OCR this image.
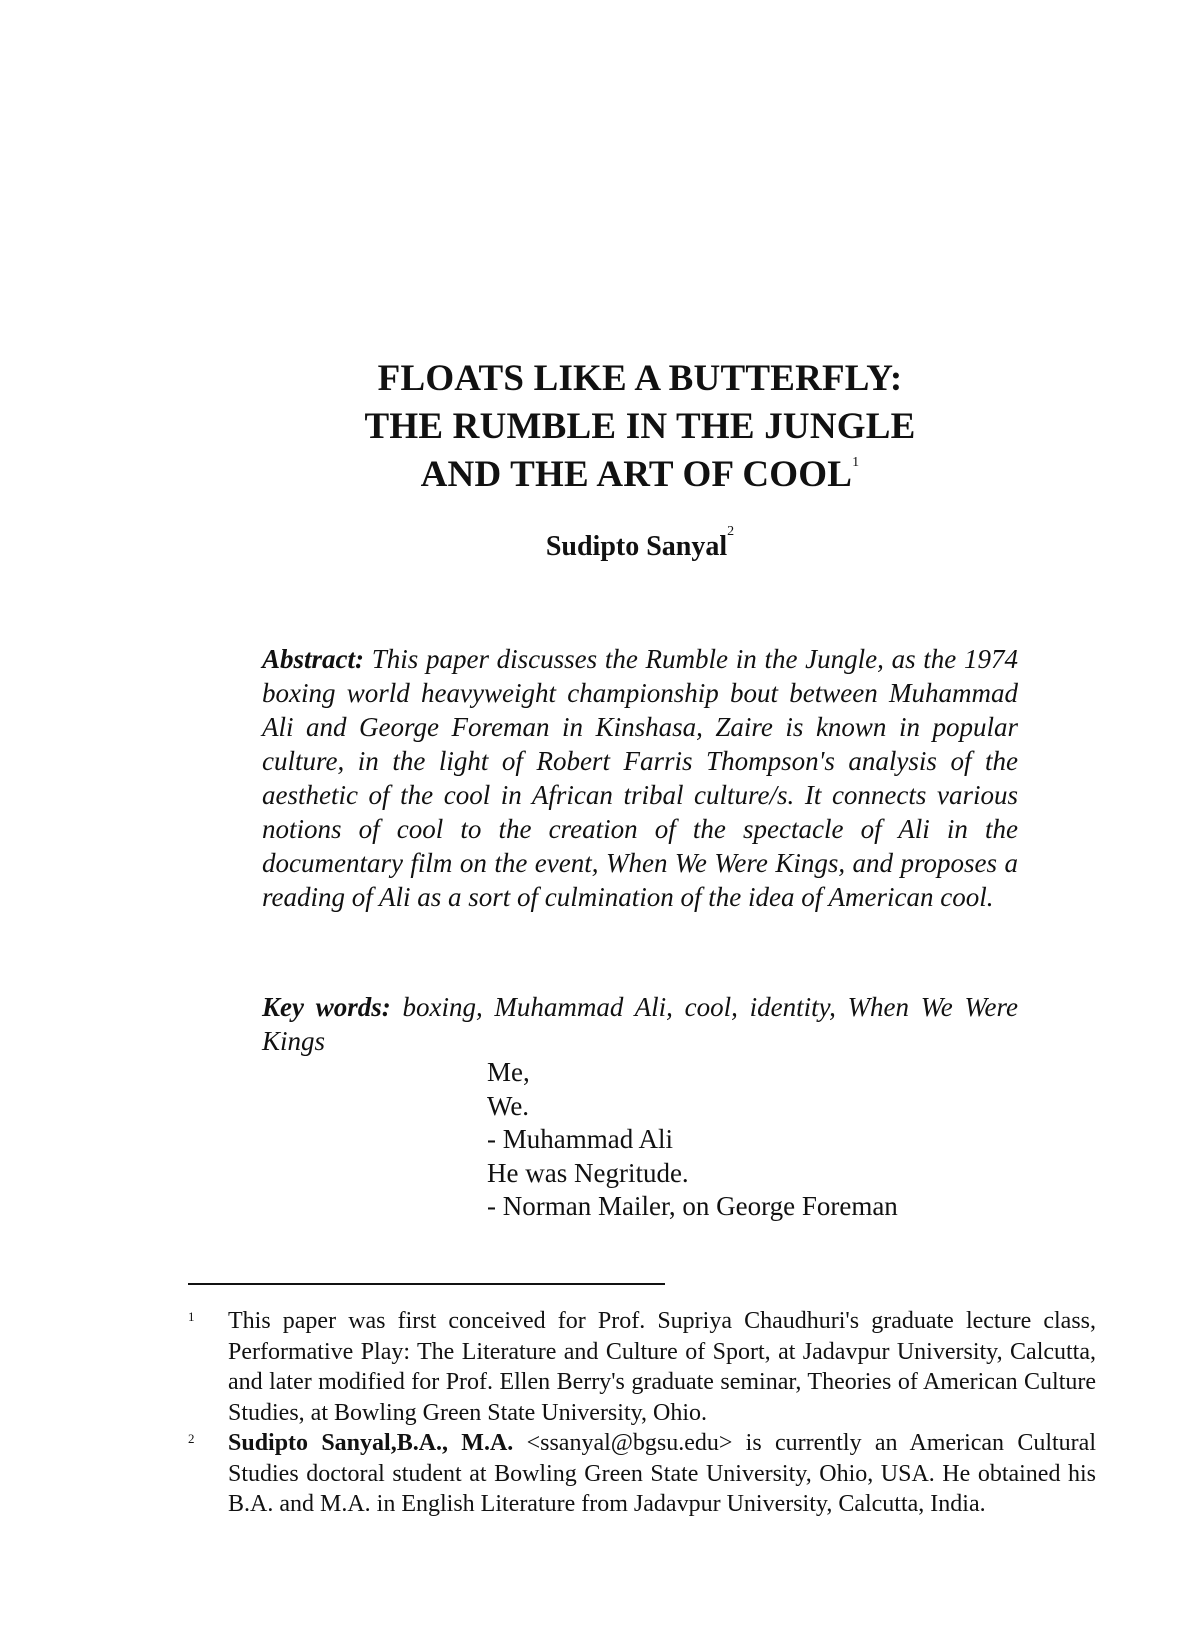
FLOATS LIKE A BUTTERFLY:
THE RUMBLE IN THE JUNGLE
AND THE ART OF COOL$^1$
Sudipto Sanyal$^2$
Abstract: This paper discusses the Rumble in the Jungle, as the 1974 boxing world heavyweight championship bout between Muhammad Ali and George Foreman in Kinshasa, Zaire is known in popular culture, in the light of Robert Farris Thompson's analysis of the aesthetic of the cool in African tribal culture/s. It connects various notions of cool to the creation of the spectacle of Ali in the documentary film on the event, When We Were Kings, and proposes a reading of Ali as a sort of culmination of the idea of American cool.
Key words: boxing, Muhammad Ali, cool, identity, When We Were Kings
Me,
We.
- Muhammad Ali
He was Negritude.
- Norman Mailer, on George Foreman
1 This paper was first conceived for Prof. Supriya Chaudhuri's graduate lecture class, Performative Play: The Literature and Culture of Sport, at Jadavpur University, Calcutta, and later modified for Prof. Ellen Berry's graduate seminar, Theories of American Culture Studies, at Bowling Green State University, Ohio.
2 Sudipto Sanyal,B.A., M.A. <ssanyal@bgsu.edu> is currently an American Cultural Studies doctoral student at Bowling Green State University, Ohio, USA. He obtained his B.A. and M.A. in English Literature from Jadavpur University, Calcutta, India.
